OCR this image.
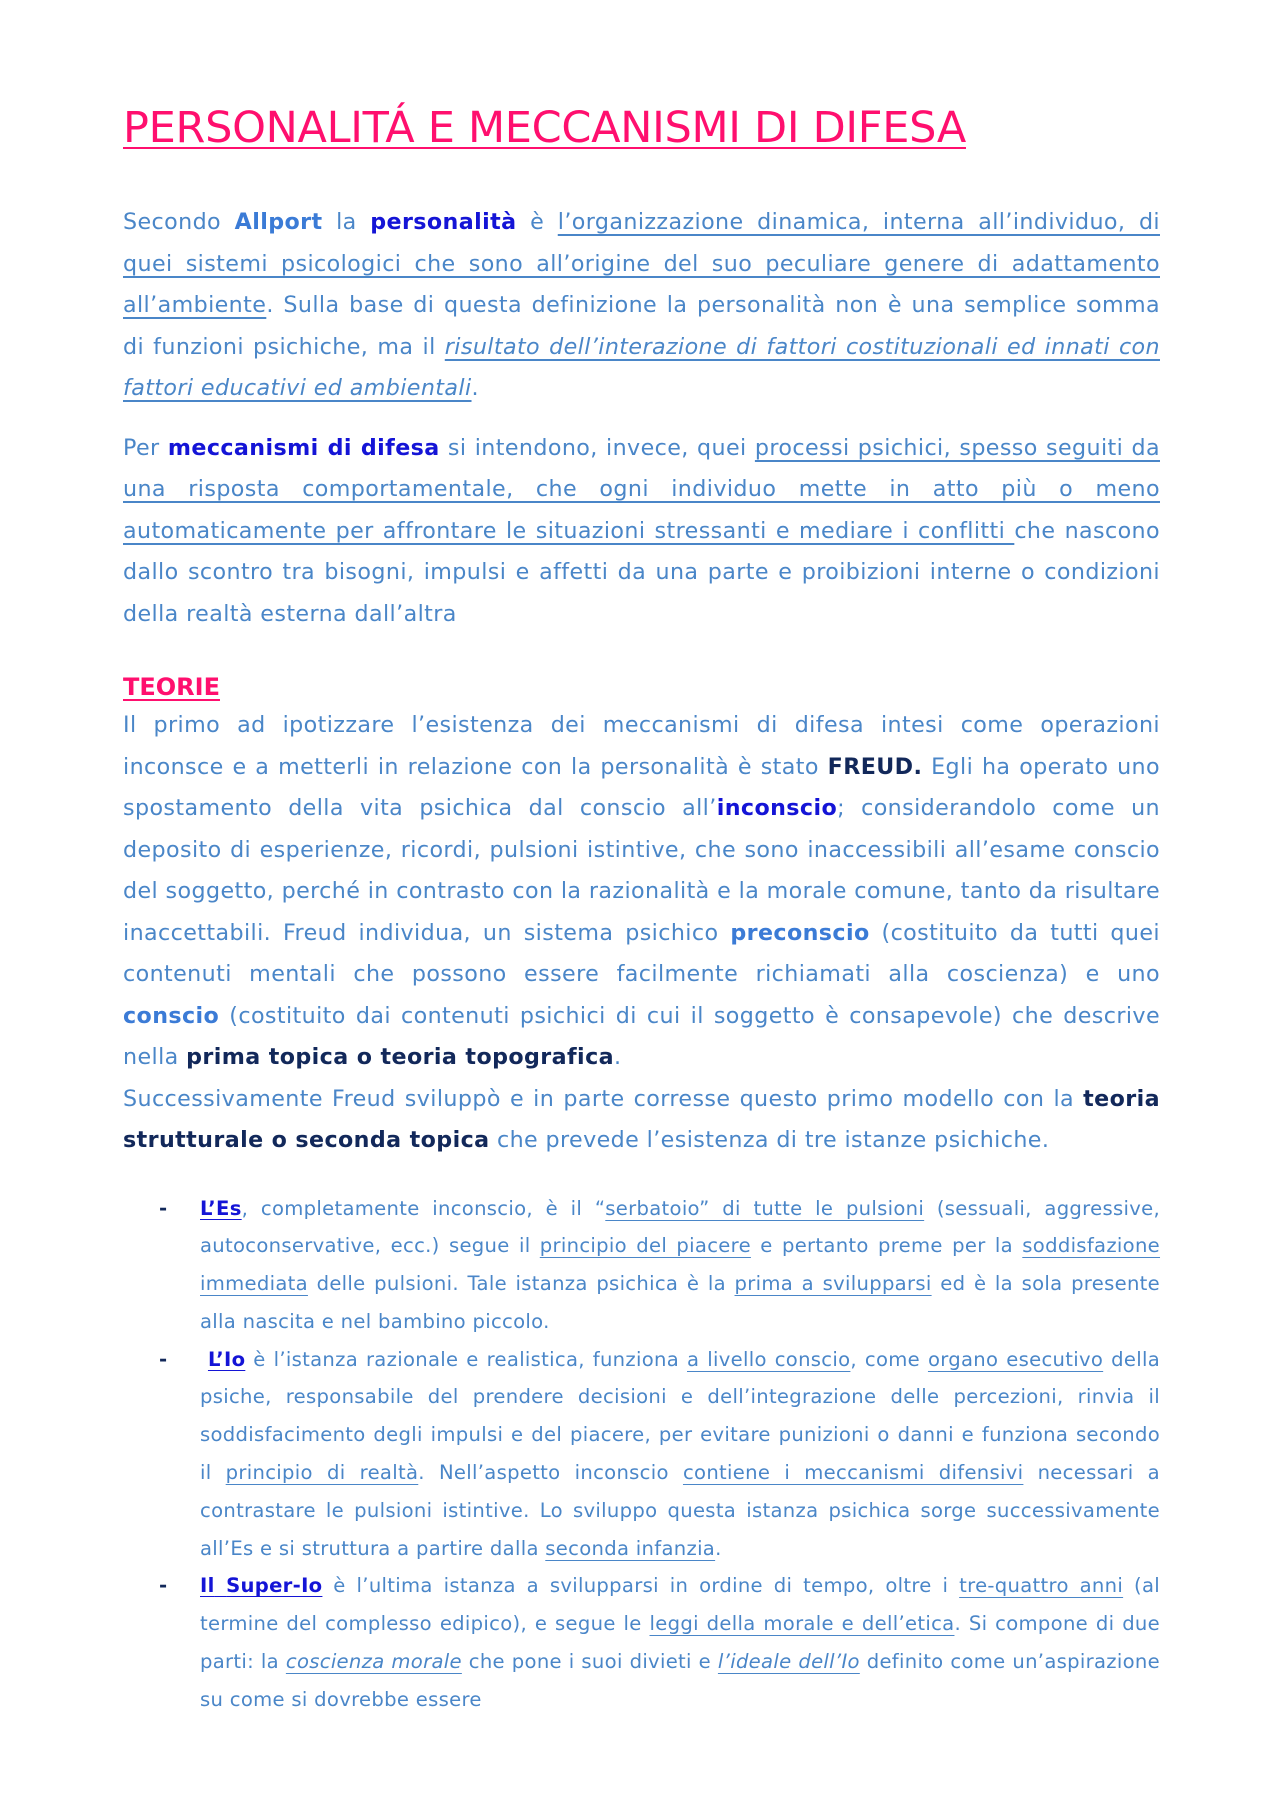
PERSONALITÁ E MECCANISMI DI DIFESA

Secondo Allport la personalità è l’organizzazione dinamica, interna all’individuo, di quei sistemi psicologici che sono all’origine del suo peculiare genere di adattamento all’ambiente. Sulla base di questa definizione la personalità non è una semplice somma di funzioni psichiche, ma il risultato dell’interazione di fattori costituzionali ed innati con fattori educativi ed ambientali.

Per meccanismi di difesa si intendono, invece, quei processi psichici, spesso seguiti da una risposta comportamentale, che ogni individuo mette in atto più o meno automaticamente per affrontare le situazioni stressanti e mediare i conflitti che nascono dallo scontro tra bisogni, impulsi e affetti da una parte e proibizioni interne o condizioni della realtà esterna dall’altra

TEORIE

Il primo ad ipotizzare l’esistenza dei meccanismi di difesa intesi come operazioni inconsce e a metterli in relazione con la personalità è stato FREUD. Egli ha operato uno spostamento della vita psichica dal conscio all’inconscio; considerandolo come un deposito di esperienze, ricordi, pulsioni istintive, che sono inaccessibili all’esame conscio del soggetto, perché in contrasto con la razionalità e la morale comune, tanto da risultare inaccettabili. Freud individua, un sistema psichico preconscio (costituito da tutti quei contenuti mentali che possono essere facilmente richiamati alla coscienza) e uno conscio (costituito dai contenuti psichici di cui il soggetto è consapevole) che descrive nella prima topica o teoria topografica.

Successivamente Freud sviluppò e in parte corresse questo primo modello con la teoria strutturale o seconda topica che prevede l’esistenza di tre istanze psichiche.

- L’Es, completamente inconscio, è il “serbatoio” di tutte le pulsioni (sessuali, aggressive, autoconservative, ecc.) segue il principio del piacere e pertanto preme per la soddisfazione immediata delle pulsioni. Tale istanza psichica è la prima a svilupparsi ed è la sola presente alla nascita e nel bambino piccolo.
- L’Io è l’istanza razionale e realistica, funziona a livello conscio, come organo esecutivo della psiche, responsabile del prendere decisioni e dell’integrazione delle percezioni, rinvia il soddisfacimento degli impulsi e del piacere, per evitare punizioni o danni e funziona secondo il principio di realtà. Nell’aspetto inconscio contiene i meccanismi difensivi necessari a contrastare le pulsioni istintive. Lo sviluppo questa istanza psichica sorge successivamente all’Es e si struttura a partire dalla seconda infanzia.
- Il Super-Io è l’ultima istanza a svilupparsi in ordine di tempo, oltre i tre-quattro anni (al termine del complesso edipico), e segue le leggi della morale e dell’etica. Si compone di due parti: la coscienza morale che pone i suoi divieti e l’ideale dell’Io definito come un’aspirazione su come si dovrebbe essere
